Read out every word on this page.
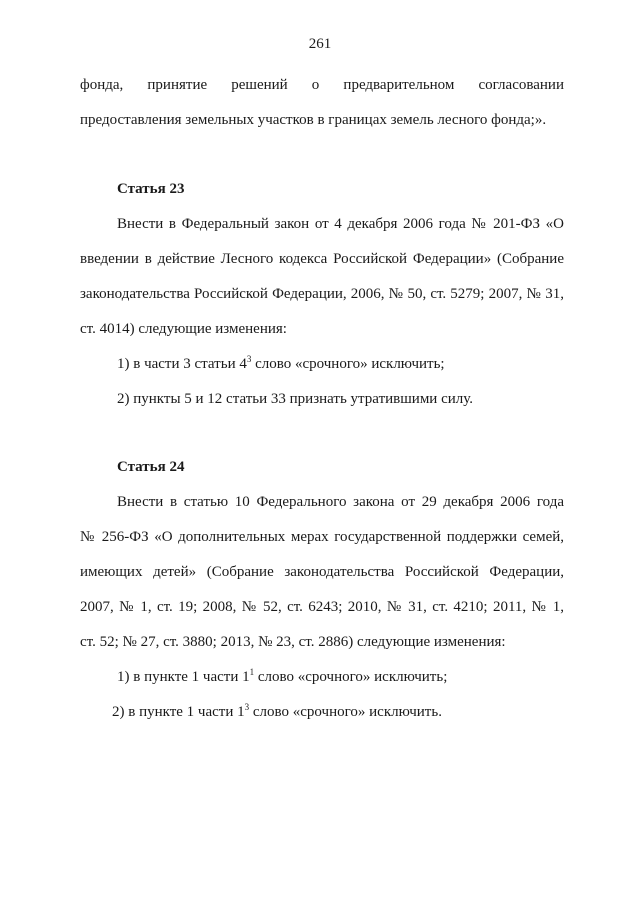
261
фонда, принятие решений о предварительном согласовании
предоставления земельных участков в границах земель лесного фонда;».
Статья 23
Внести в Федеральный закон от 4 декабря 2006 года № 201-ФЗ «О
введении в действие Лесного кодекса Российской Федерации» (Собрание
законодательства Российской Федерации, 2006, № 50, ст. 5279; 2007, № 31,
ст. 4014) следующие изменения:
1) в части 3 статьи $4^3$ слово «срочного» исключить;
2) пункты 5 и 12 статьи 33 признать утратившими силу.
Статья 24
Внести в статью 10 Федерального закона от 29 декабря 2006 года
№ 256-ФЗ «О дополнительных мерах государственной поддержки семей,
имеющих детей» (Собрание законодательства Российской Федерации,
2007, № 1, ст. 19; 2008, № 52, ст. 6243; 2010, № 31, ст. 4210; 2011, № 1,
ст. 52; № 27, ст. 3880; 2013, № 23, ст. 2886) следующие изменения:
1) в пункте 1 части $1^1$ слово «срочного» исключить;
2) в пункте 1 части $1^3$ слово «срочного» исключить.
